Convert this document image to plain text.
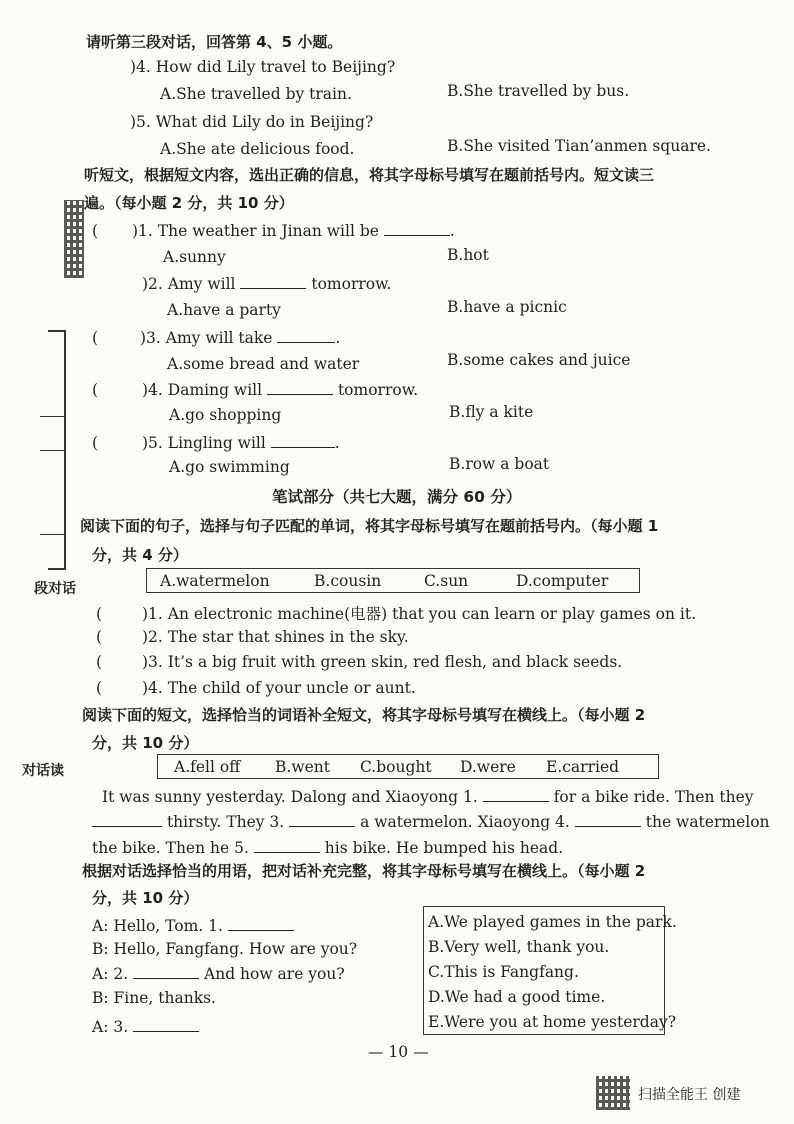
请听第三段对话，回答第 4、5 小题。
)4. How did Lily travel to Beijing?
A.She travelled by train.	B.She travelled by bus.
)5. What did Lily do in Beijing?
A.She ate delicious food.	B.She visited Tian’anmen square.
听短文，根据短文内容，选出正确的信息，将其字母标号填写在题前括号内。短文读三
遍。（每小题 2 分，共 10 分）
( )1. The weather in Jinan will be	.
A.sunny	B.hot
)2. Amy will	tomorrow.
A.have a party	B.have a picnic
(	)3. Amy will take	.
A.some bread and water	B.some cakes and juice
(	)4. Daming will	tomorrow.
A.go shopping	B.fly a kite
(	)5. Lingling will	.
A.go swimming	B.row a boat
笔试部分（共七大题，满分 60 分）
阅读下面的句子，选择与句子匹配的单词，将其字母标号填写在题前括号内。（每小题 1
分，共 4 分）
段对话	A.watermelon	B.cousin	C.sun	D.computer
(	)1. An electronic machine(电器) that you can learn or play games on it.
(	)2. The star that shines in the sky.
(	)3. It’s a big fruit with green skin, red flesh, and black seeds.
(	)4. The child of your uncle or aunt.
阅读下面的短文，选择恰当的词语补全短文，将其字母标号填写在横线上。（每小题 2
分，共 10 分）
对话读	A.fell off B.went C.bought D.were E.carried
It was sunny yesterday. Dalong and Xiaoyong 1.	for a bike ride. Then they
thirsty. They 3.	a watermelon. Xiaoyong 4.	the watermelon
the bike. Then he 5.	his bike. He bumped his head.
根据对话选择恰当的用语，把对话补充完整，将其字母标号填写在横线上。（每小题 2
分，共 10 分）
A: Hello, Tom. 1.
B: Hello, Fangfang. How are you?
A: 2.	And how are you?
B: Fine, thanks.
A: 3.
A.We played games in the park.
B.Very well, thank you.
C.This is Fangfang.
D.We had a good time.
E.Were you at home yesterday?
— 10 —
扫描全能王 创建
